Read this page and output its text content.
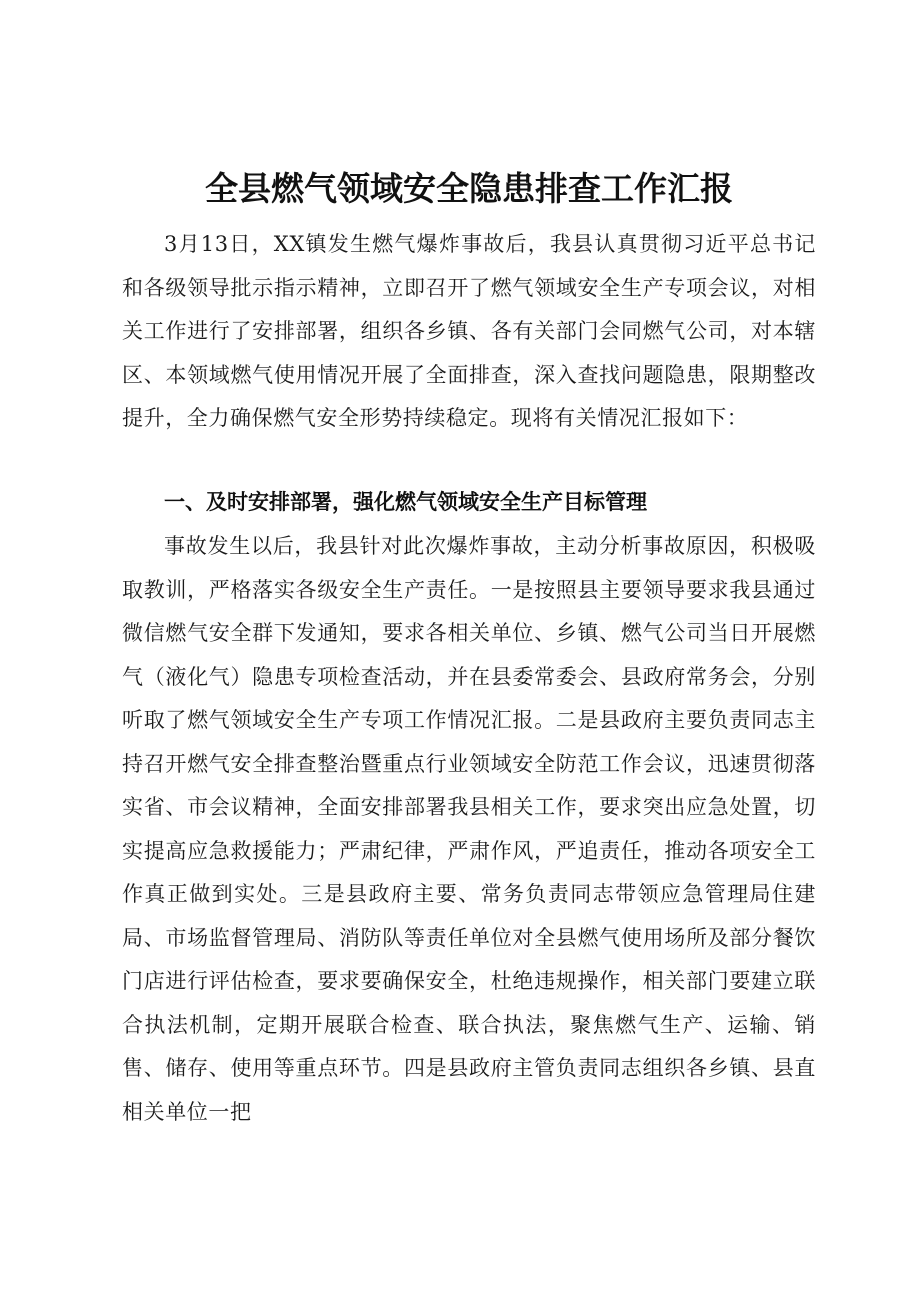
全县燃气领域安全隐患排查工作汇报

3月13日，XX镇发生燃气爆炸事故后，我县认真贯彻习近平总书记和各级领导批示指示精神，立即召开了燃气领域安全生产专项会议，对相关工作进行了安排部署，组织各乡镇、各有关部门会同燃气公司，对本辖区、本领域燃气使用情况开展了全面排查，深入查找问题隐患，限期整改提升，全力确保燃气安全形势持续稳定。现将有关情况汇报如下：

一、及时安排部署，强化燃气领域安全生产目标管理

事故发生以后，我县针对此次爆炸事故，主动分析事故原因，积极吸取教训，严格落实各级安全生产责任。一是按照县主要领导要求我县通过微信燃气安全群下发通知，要求各相关单位、乡镇、燃气公司当日开展燃气（液化气）隐患专项检查活动，并在县委常委会、县政府常务会，分别听取了燃气领域安全生产专项工作情况汇报。二是县政府主要负责同志主持召开燃气安全排查整治暨重点行业领域安全防范工作会议，迅速贯彻落实省、市会议精神，全面安排部署我县相关工作，要求突出应急处置，切实提高应急救援能力；严肃纪律，严肃作风，严追责任，推动各项安全工作真正做到实处。三是县政府主要、常务负责同志带领应急管理局住建局、市场监督管理局、消防队等责任单位对全县燃气使用场所及部分餐饮门店进行评估检查，要求要确保安全，杜绝违规操作，相关部门要建立联合执法机制，定期开展联合检查、联合执法，聚焦燃气生产、运输、销售、储存、使用等重点环节。四是县政府主管负责同志组织各乡镇、县直相关单位一把
